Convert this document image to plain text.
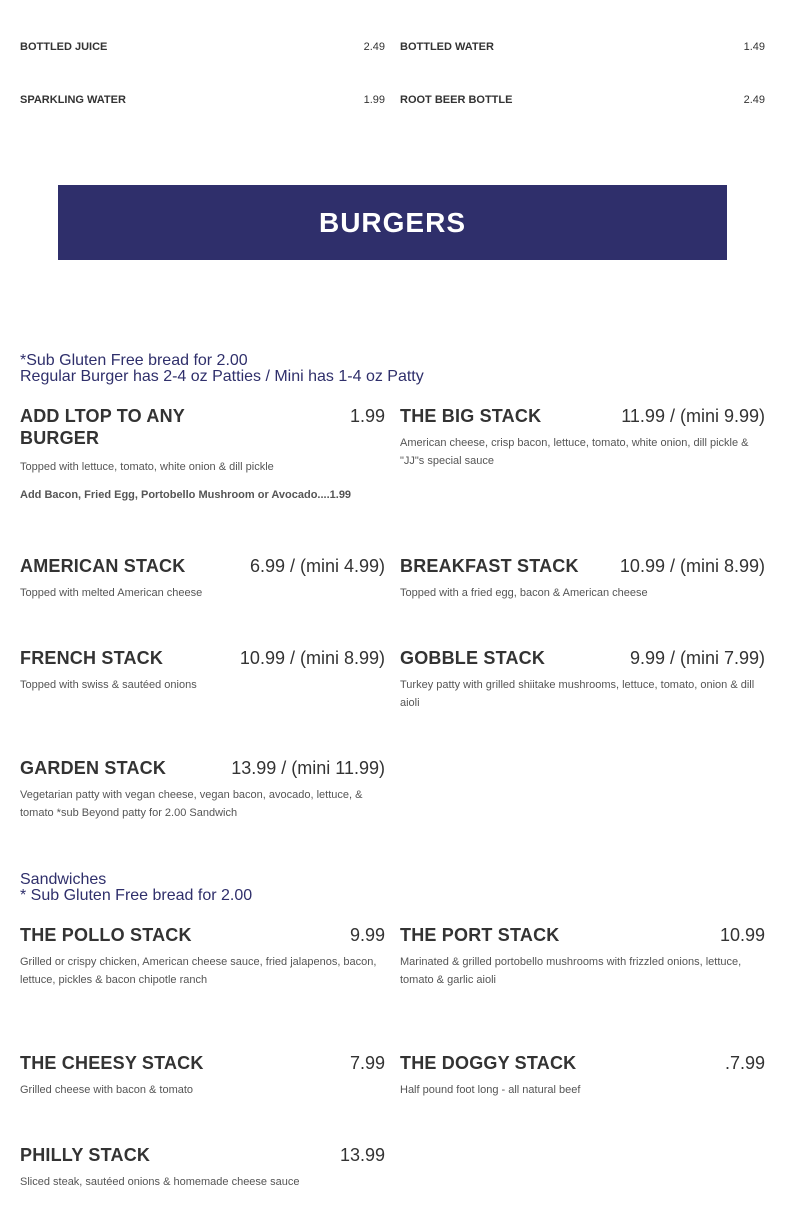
BOTTLED JUICE	2.49 BOTTLED WATER	1.49
SPARKLING WATER	1.99 ROOT BEER BOTTLE	2.49
BURGERS
*Sub Gluten Free bread for 2.00
Regular Burger has 2-4 oz Patties / Mini has 1-4 oz Patty
ADD LTOP TO ANY
BURGER
1.99
Topped with lettuce, tomato, white onion & dill pickle
Add Bacon, Fried Egg, Portobello Mushroom or Avocado....1.99
THE BIG STACK	11.99 / (mini 9.99)
American cheese, crisp bacon, lettuce, tomato, white onion, dill pickle &
"JJ"s special sauce
AMERICAN STACK	6.99 / (mini 4.99)
Topped with melted American cheese
BREAKFAST STACK 10.99 / (mini 8.99)
Topped with a fried egg, bacon & American cheese
FRENCH STACK	10.99 / (mini 8.99)
Topped with swiss & sautéed onions
GOBBLE STACK	9.99 / (mini 7.99)
Turkey patty with grilled shiitake mushrooms, lettuce, tomato, onion & dill aioli
GARDEN STACK	13.99 / (mini 11.99)
Vegetarian patty with vegan cheese, vegan bacon, avocado, lettuce, & tomato *sub Beyond patty for 2.00 Sandwich
Sandwiches
* Sub Gluten Free bread for 2.00
THE POLLO STACK	9.99
Grilled or crispy chicken, American cheese sauce, fried jalapenos, bacon,
lettuce, pickles & bacon chipotle ranch
THE PORT STACK	10.99
Marinated & grilled portobello mushrooms with frizzled onions, lettuce,
tomato & garlic aioli
THE CHEESY STACK	7.99
Grilled cheese with bacon & tomato
THE DOGGY STACK	.7.99
Half pound foot long - all natural beef
PHILLY STACK	13.99
Sliced steak, sautéed onions & homemade cheese sauce
